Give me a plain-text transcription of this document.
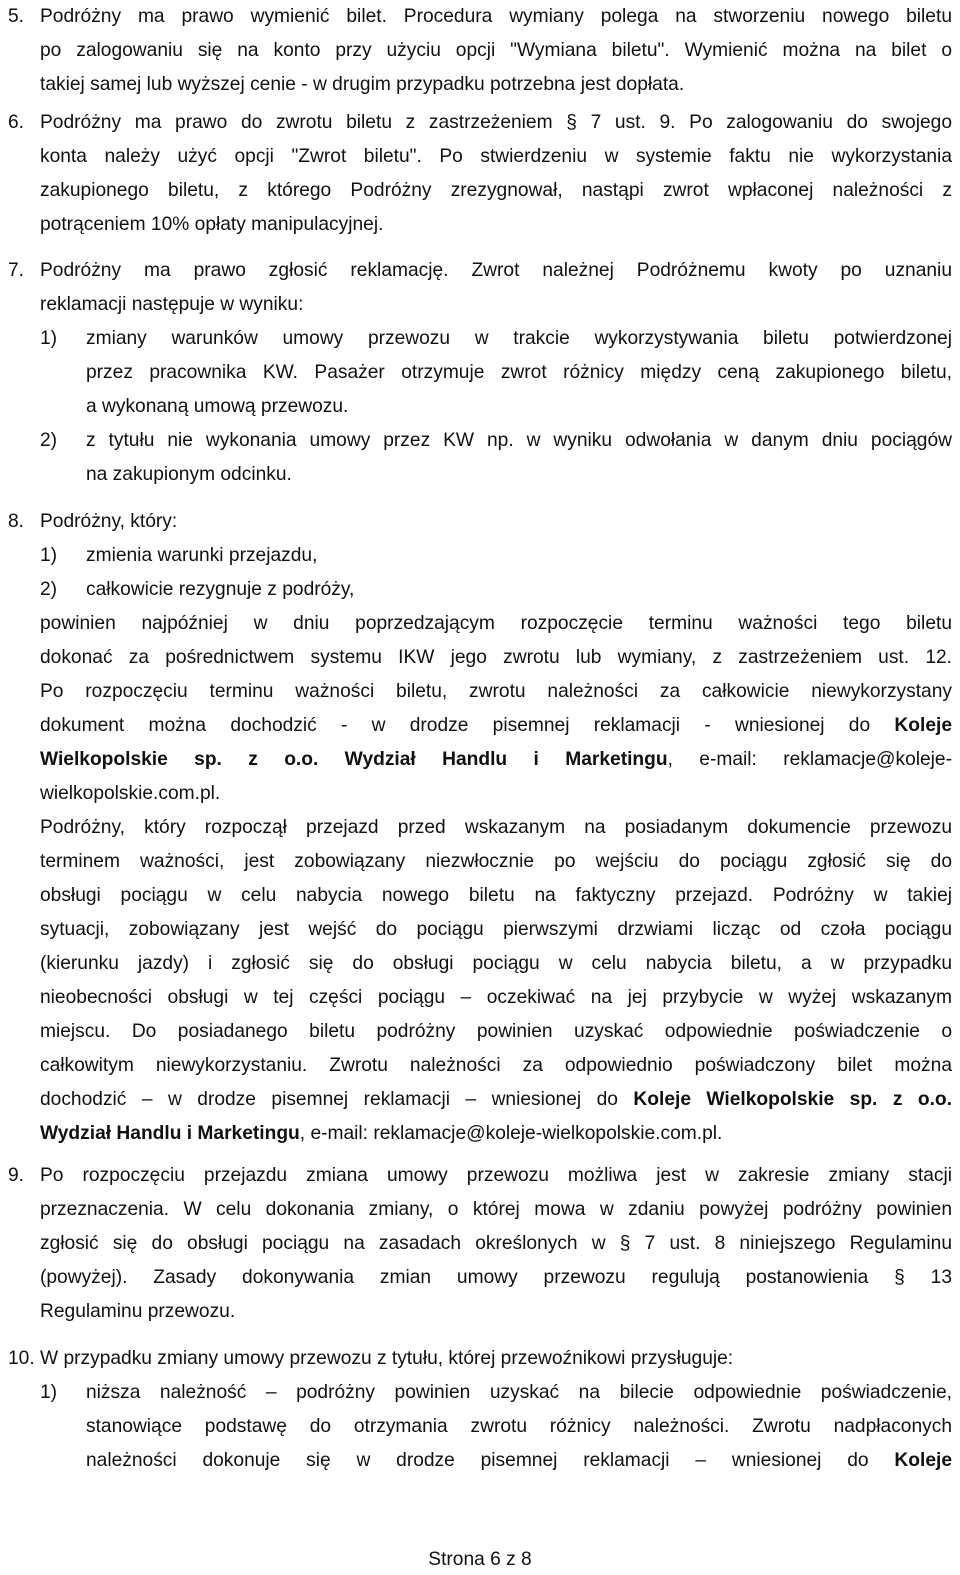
5. Podróżny ma prawo wymienić bilet. Procedura wymiany polega na stworzeniu nowego biletu
po zalogowaniu się na konto przy użyciu opcji "Wymiana biletu". Wymienić można na bilet o
takiej samej lub wyższej cenie - w drugim przypadku potrzebna jest dopłata.
6. Podróżny ma prawo do zwrotu biletu z zastrzeżeniem § 7 ust. 9. Po zalogowaniu do swojego
konta należy użyć opcji "Zwrot biletu". Po stwierdzeniu w systemie faktu nie wykorzystania
zakupionego biletu, z którego Podróżny zrezygnował, nastąpi zwrot wpłaconej należności z
potrąceniem 10% opłaty manipulacyjnej.
7. Podróżny ma prawo zgłosić reklamację. Zwrot należnej Podróżnemu kwoty po uznaniu
reklamacji następuje w wyniku:
1)	zmiany warunków umowy przewozu w trakcie wykorzystywania biletu potwierdzonej
przez pracownika KW. Pasażer otrzymuje zwrot różnicy między ceną zakupionego biletu,
a wykonaną umową przewozu.
2)	z tytułu nie wykonania umowy przez KW np. w wyniku odwołania w danym dniu pociągów
na zakupionym odcinku.
8. Podróżny, który:
1)	zmienia warunki przejazdu,
2)	całkowicie rezygnuje z podróży,
powinien najpóźniej w dniu poprzedzającym rozpoczęcie terminu ważności tego biletu
dokonać za pośrednictwem systemu IKW jego zwrotu lub wymiany, z zastrzeżeniem ust. 12.
Po rozpoczęciu terminu ważności biletu, zwrotu należności za całkowicie niewykorzystany
dokument można dochodzić - w drodze pisemnej reklamacji - wniesionej do Koleje
Wielkopolskie sp. z o.o. Wydział Handlu i Marketingu, e-mail: reklamacje@koleje-
wielkopolskie.com.pl.
Podróżny, który rozpoczął przejazd przed wskazanym na posiadanym dokumencie przewozu
terminem ważności, jest zobowiązany niezwłocznie po wejściu do pociągu zgłosić się do
obsługi pociągu w celu nabycia nowego biletu na faktyczny przejazd. Podróżny w takiej
sytuacji, zobowiązany jest wejść do pociągu pierwszymi drzwiami licząc od czoła pociągu
(kierunku jazdy) i zgłosić się do obsługi pociągu w celu nabycia biletu, a w przypadku
nieobecności obsługi w tej części pociągu – oczekiwać na jej przybycie w wyżej wskazanym
miejscu. Do posiadanego biletu podróżny powinien uzyskać odpowiednie poświadczenie o
całkowitym niewykorzystaniu. Zwrotu należności za odpowiednio poświadczony bilet można
dochodzić – w drodze pisemnej reklamacji – wniesionej do Koleje Wielkopolskie sp. z o.o.
Wydział Handlu i Marketingu, e-mail: reklamacje@koleje-wielkopolskie.com.pl.
9. Po rozpoczęciu przejazdu zmiana umowy przewozu możliwa jest w zakresie zmiany stacji
przeznaczenia. W celu dokonania zmiany, o której mowa w zdaniu powyżej podróżny powinien
zgłosić się do obsługi pociągu na zasadach określonych w § 7 ust. 8 niniejszego Regulaminu
(powyżej). Zasady dokonywania zmian umowy przewozu regulują postanowienia § 13
Regulaminu przewozu.
10. W przypadku zmiany umowy przewozu z tytułu, której przewoźnikowi przysługuje:
1)	niższa należność – podróżny powinien uzyskać na bilecie odpowiednie poświadczenie,
stanowiące podstawę do otrzymania zwrotu różnicy należności. Zwrotu nadpłaconych
należności dokonuje się w drodze pisemnej reklamacji – wniesionej do Koleje
Strona 6 z 8
